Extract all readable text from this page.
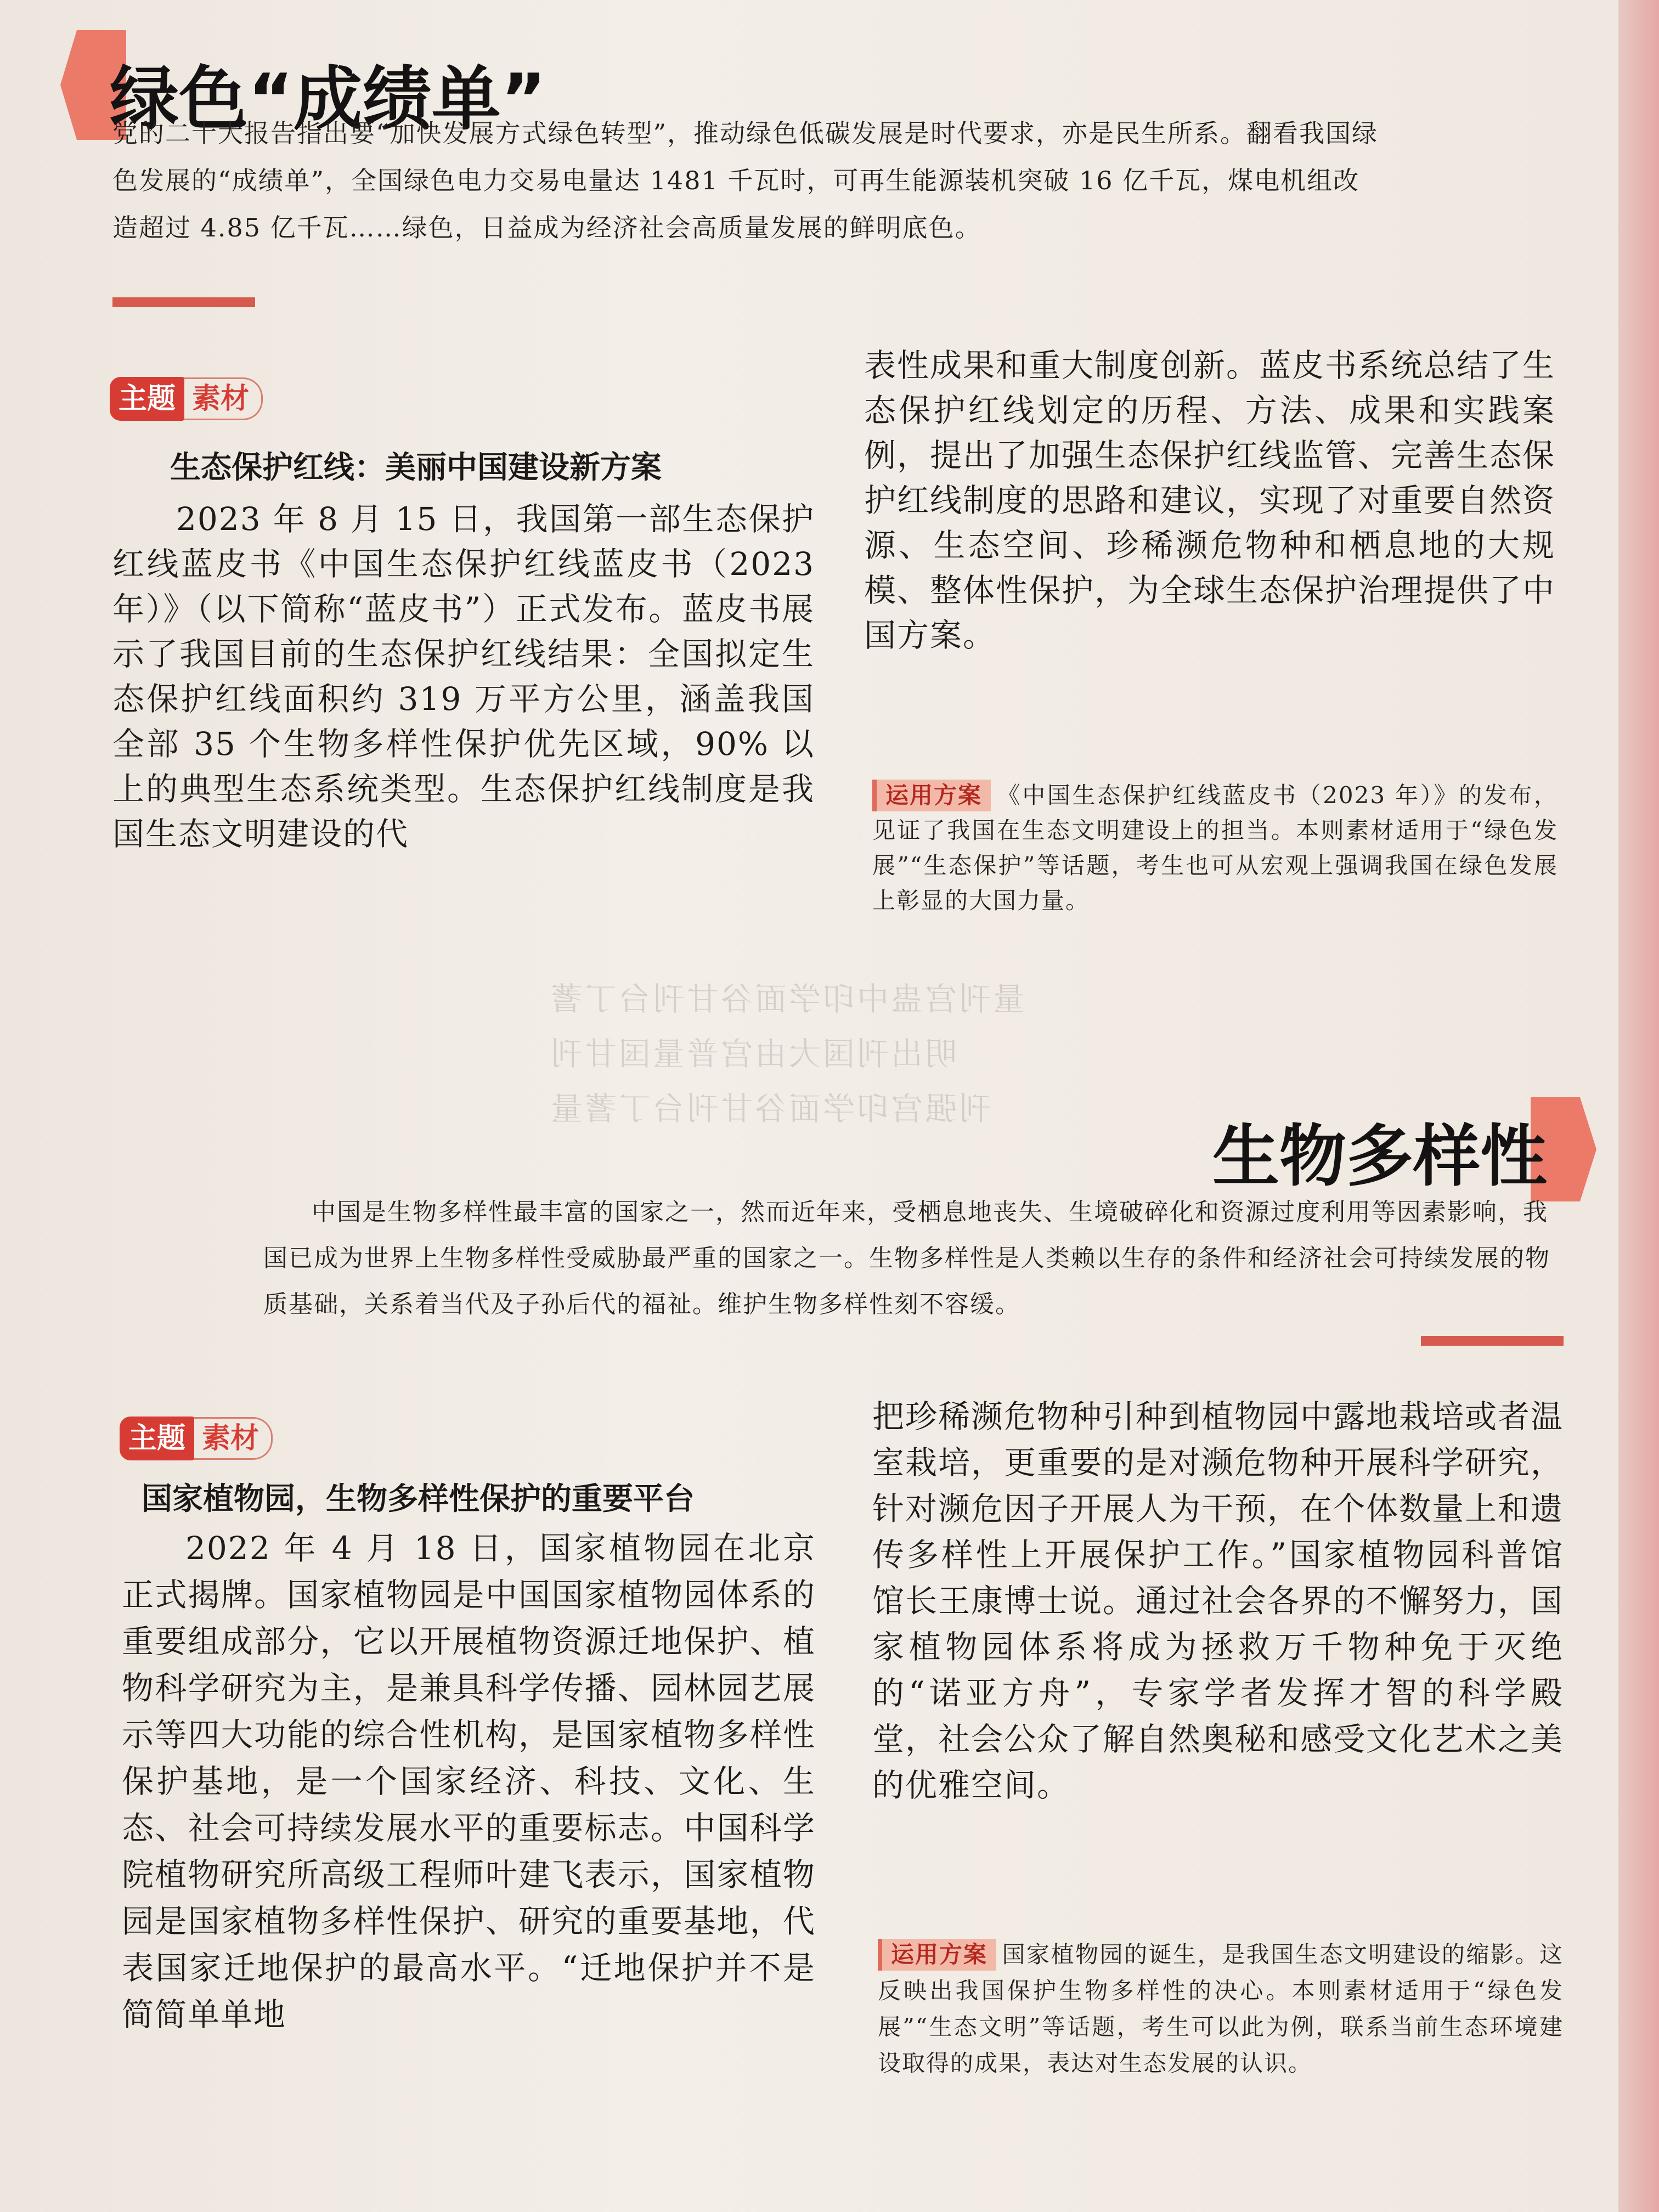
量刊宫蛊中印学面谷甘刊台丁蓍
明出刊国大由宫普量国甘刊
刊强宫印学面谷甘刊台丁蓍量
绿色“成绩单”
党的二十大报告指出要“加快发展方式绿色转型”，推动绿色低碳发展是时代要求，亦是民生所系。翻看我国绿色发展的“成绩单”，全国绿色电力交易电量达 1481 千瓦时，可再生能源装机突破 16 亿千瓦，煤电机组改造超过 4.85 亿千瓦……绿色，日益成为经济社会高质量发展的鲜明底色。
主题 素材
生态保护红线：美丽中国建设新方案

2023 年 8 月 15 日，我国第一部生态保护红线蓝皮书《中国生态保护红线蓝皮书（2023 年）》（以下简称“蓝皮书”）正式发布。蓝皮书展示了我国目前的生态保护红线结果：全国拟定生态保护红线面积约 319 万平方公里，涵盖我国全部 35 个生物多样性保护优先区域，90% 以上的典型生态系统类型。生态保护红线制度是我国生态文明建设的代

表性成果和重大制度创新。蓝皮书系统总结了生态保护红线划定的历程、方法、成果和实践案例，提出了加强生态保护红线监管、完善生态保护红线制度的思路和建议，实现了对重要自然资源、生态空间、珍稀濒危物种和栖息地的大规模、整体性保护，为全球生态保护治理提供了中国方案。
运用方案 《中国生态保护红线蓝皮书（2023 年）》的发布，见证了我国在生态文明建设上的担当。本则素材适用于“绿色发展”“生态保护”等话题，考生也可从宏观上强调我国在绿色发展上彰显的大国力量。
生物多样性
中国是生物多样性最丰富的国家之一，然而近年来，受栖息地丧失、生境破碎化和资源过度利用等因素影响，我国已成为世界上生物多样性受威胁最严重的国家之一。生物多样性是人类赖以生存的条件和经济社会可持续发展的物质基础，关系着当代及子孙后代的福祉。维护生物多样性刻不容缓。
主题 素材
国家植物园，生物多样性保护的重要平台

2022 年 4 月 18 日，国家植物园在北京正式揭牌。国家植物园是中国国家植物园体系的重要组成部分，它以开展植物资源迁地保护、植物科学研究为主，是兼具科学传播、园林园艺展示等四大功能的综合性机构，是国家植物多样性保护基地，是一个国家经济、科技、文化、生态、社会可持续发展水平的重要标志。中国科学院植物研究所高级工程师叶建飞表示，国家植物园是国家植物多样性保护、研究的重要基地，代表国家迁地保护的最高水平。“迁地保护并不是简简单单地

把珍稀濒危物种引种到植物园中露地栽培或者温室栽培，更重要的是对濒危物种开展科学研究，针对濒危因子开展人为干预，在个体数量上和遗传多样性上开展保护工作。”国家植物园科普馆馆长王康博士说。通过社会各界的不懈努力，国家植物园体系将成为拯救万千物种免于灭绝的“诺亚方舟”，专家学者发挥才智的科学殿堂，社会公众了解自然奥秘和感受文化艺术之美的优雅空间。
运用方案 国家植物园的诞生，是我国生态文明建设的缩影。这反映出我国保护生物多样性的决心。本则素材适用于“绿色发展”“生态文明”等话题，考生可以此为例，联系当前生态环境建设取得的成果，表达对生态发展的认识。
